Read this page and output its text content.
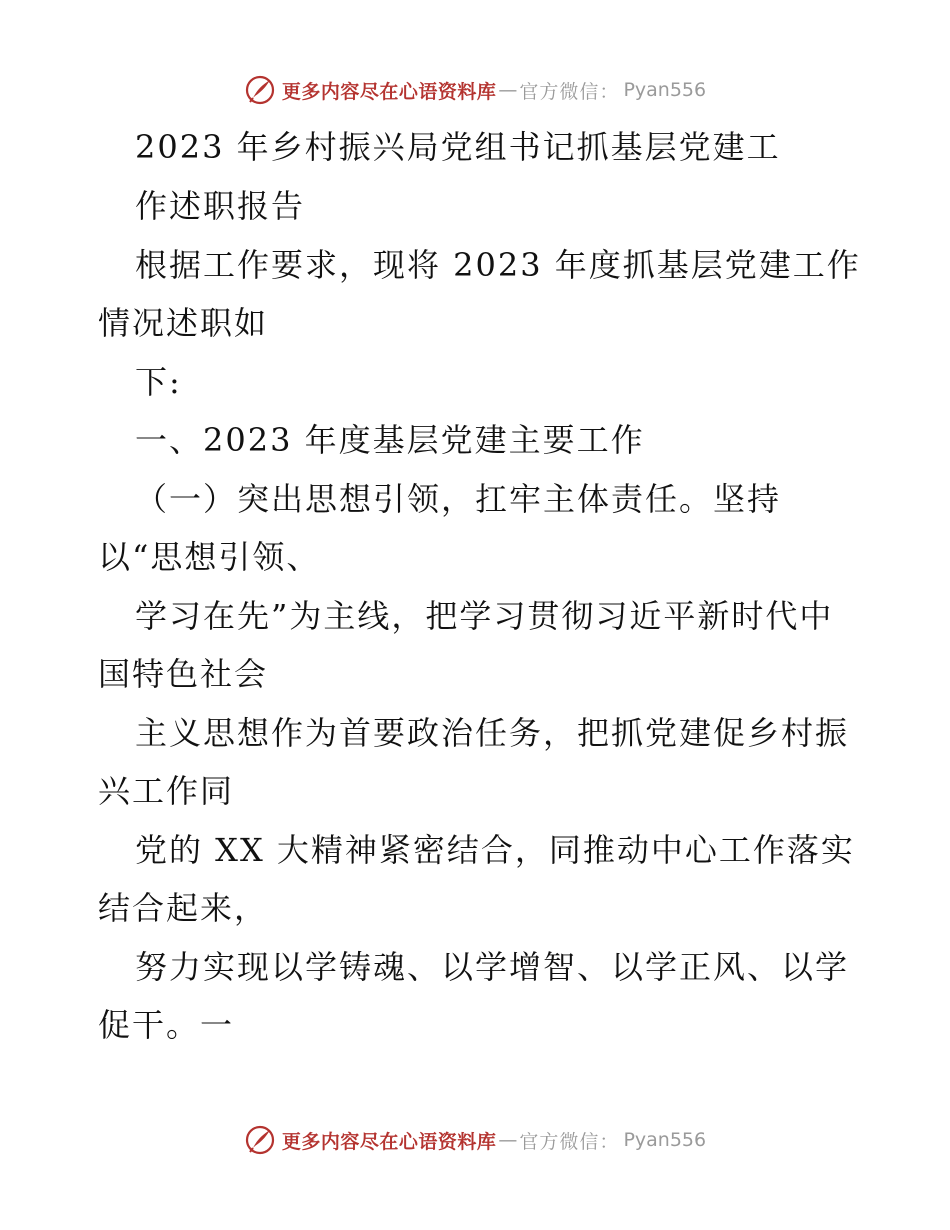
更多内容尽在心语资料库 — 官方微信： Pyan556
2023 年乡村振兴局党组书记抓基层党建工
作述职报告
根据工作要求，现将 2023 年度抓基层党建工作
情况述职如
下:
一、2023 年度基层党建主要工作
（一）突出思想引领，扛牢主体责任。坚持
以“思想引领、
学习在先”为主线，把学习贯彻习近平新时代中
国特色社会
主义思想作为首要政治任务，把抓党建促乡村振
兴工作同
党的 XX 大精神紧密结合，同推动中心工作落实
结合起来，
努力实现以学铸魂、以学增智、以学正风、以学
促干。一
更多内容尽在心语资料库 — 官方微信： Pyan556
